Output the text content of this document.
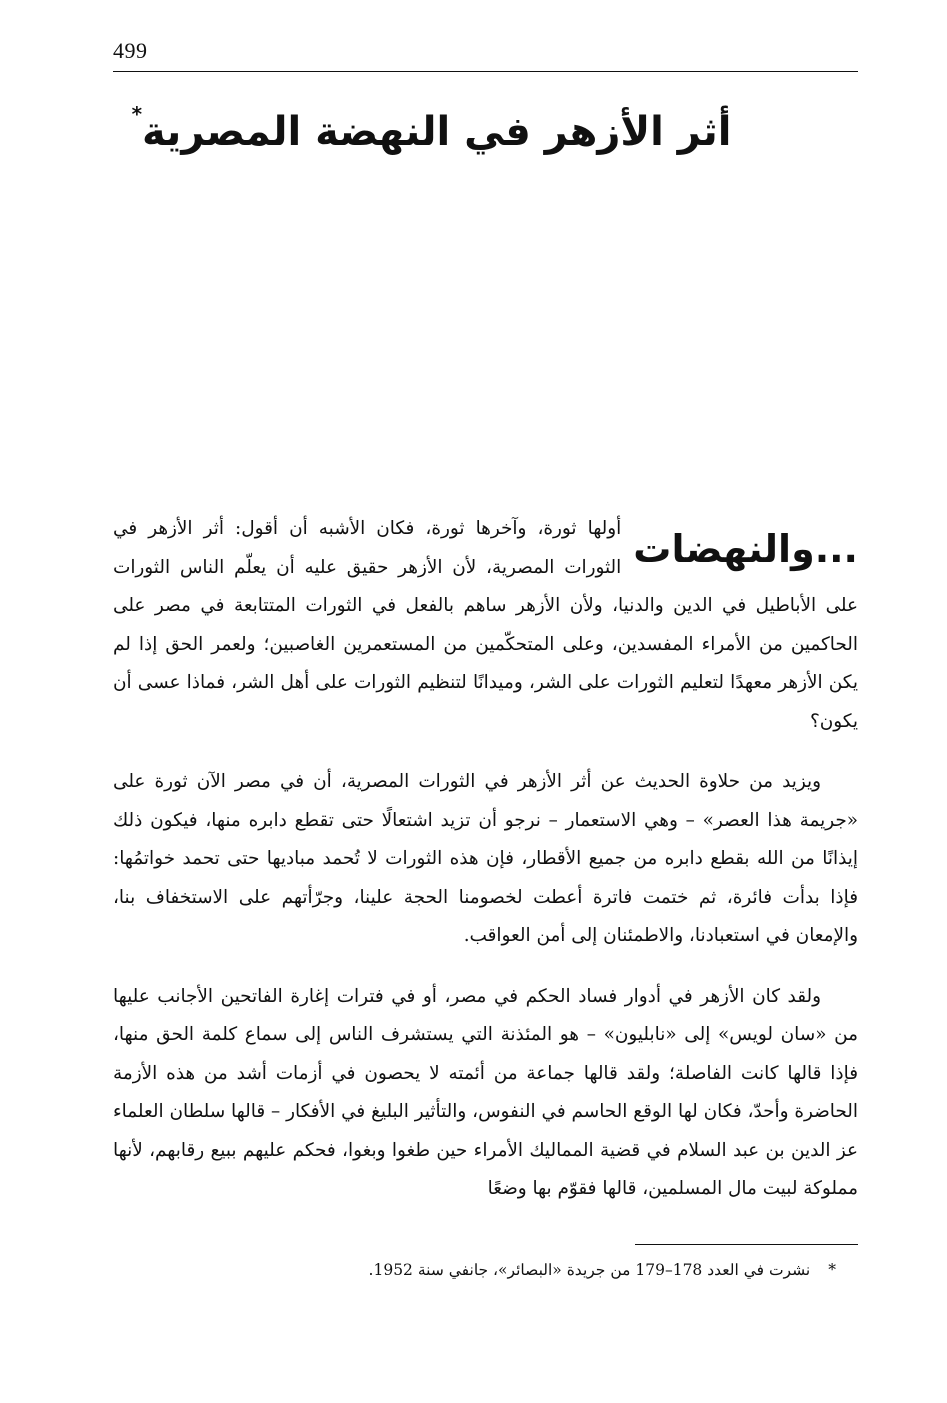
499
أثر الأزهر في النهضة المصرية*

...والنهضات
أولها ثورة، وآخرها ثورة، فكان الأشبه أن أقول: أثر الأزهر في الثورات المصرية، لأن الأزهر حقيق عليه أن يعلّم الناس الثورات على الأباطيل في الدين والدنيا، ولأن الأزهر ساهم بالفعل في الثورات المتتابعة في مصر على الحاكمين من الأمراء المفسدين، وعلى المتحكّمين من المستعمرين الغاصبين؛ ولعمر الحق إذا لم يكن الأزهر معهدًا لتعليم الثورات على الشر، وميدانًا لتنظيم الثورات على أهل الشر، فماذا عسى أن يكون؟

ويزيد من حلاوة الحديث عن أثر الأزهر في الثورات المصرية، أن في مصر الآن ثورة على «جريمة هذا العصر» – وهي الاستعمار – نرجو أن تزيد اشتعالًا حتى تقطع دابره منها، فيكون ذلك إيذانًا من الله بقطع دابره من جميع الأقطار، فإن هذه الثورات لا تُحمد مباديها حتى تحمد خواتمُها: فإذا بدأت فائرة، ثم ختمت فاترة أعطت لخصومنا الحجة علينا، وجرّأتهم على الاستخفاف بنا، والإمعان في استعبادنا، والاطمئنان إلى أمن العواقب.

ولقد كان الأزهر في أدوار فساد الحكم في مصر، أو في فترات إغارة الفاتحين الأجانب عليها من «سان لويس» إلى «نابليون» – هو المئذنة التي يستشرف الناس إلى سماع كلمة الحق منها، فإذا قالها كانت الفاصلة؛ ولقد قالها جماعة من أئمته لا يحصون في أزمات أشد من هذه الأزمة الحاضرة وأحدّ، فكان لها الوقع الحاسم في النفوس، والتأثير البليغ في الأفكار – قالها سلطان العلماء عز الدين بن عبد السلام في قضية المماليك الأمراء حين طغوا وبغوا، فحكم عليهم ببيع رقابهم، لأنها مملوكة لبيت مال المسلمين، قالها فقوّم بها وضعًا

*نشرت في العدد 178–179 من جريدة «البصائر»، جانفي سنة 1952.
